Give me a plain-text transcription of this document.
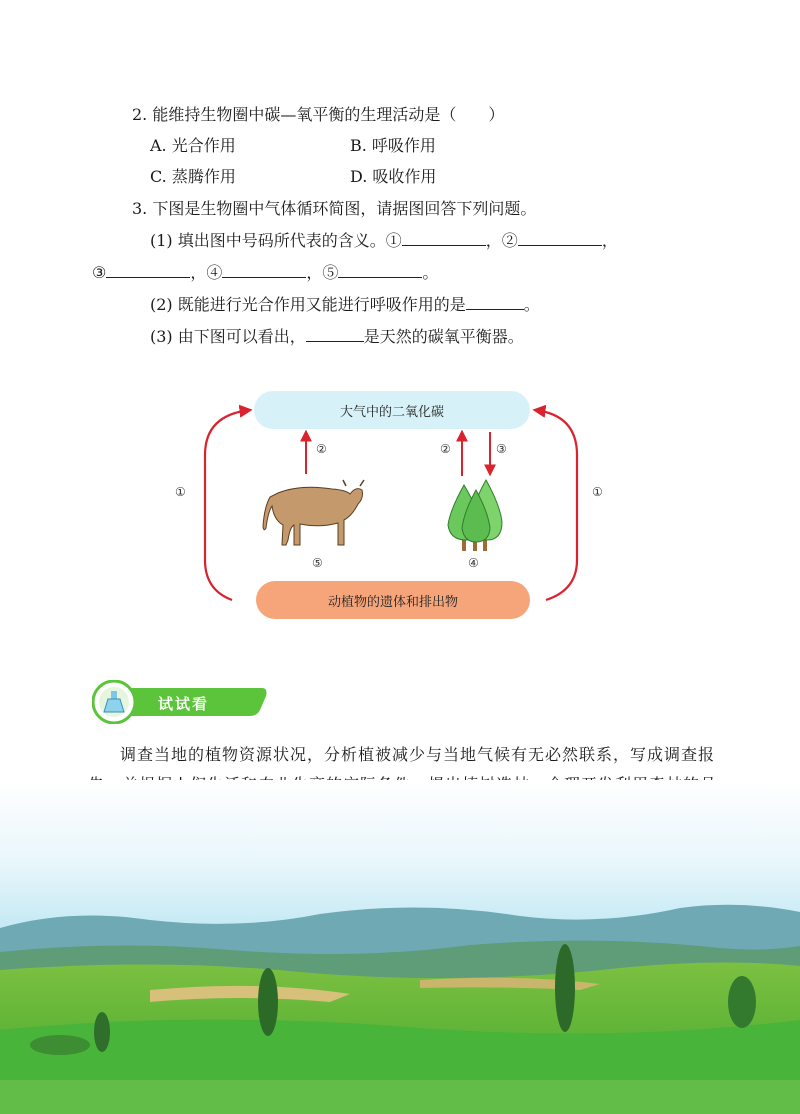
2. 能维持生物圈中碳—氧平衡的生理活动是（　　）
A. 光合作用	B. 呼吸作用
C. 蒸腾作用	D. 吸收作用
3. 下图是生物圈中气体循环简图，请据图回答下列问题。
(1) 填出图中号码所代表的含义。①	，②	，
③	，④	，⑤	。
(2) 既能进行光合作用又能进行呼吸作用的是	。
(3) 由下图可以看出，	是天然的碳氧平衡器。
大气中的二氧化碳
动植物的遗体和排出物
①	①
②	②	③
④
⑤
试试看
调查当地的植物资源状况，分析植被减少与当地气候有无必然联系，写成调查报
